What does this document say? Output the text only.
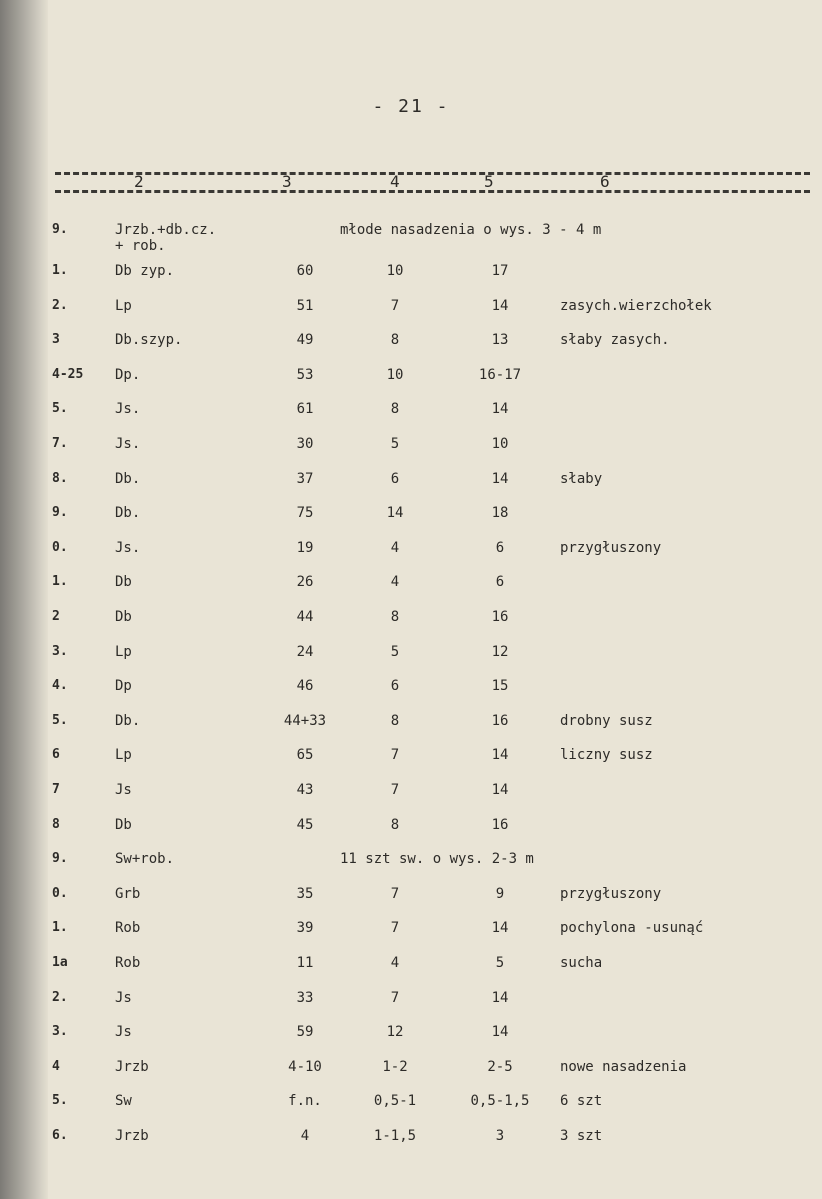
- 21 -
2	3	4	5	6
9.	Jrzb.+db.cz.
+ rob.
młode nasadzenia o wys. 3 - 4 m
1.	Db zyp.	60	10	17
2.	Lp	51	7	14	zasych.wierzchołek
3	Db.szyp.	49	8	13	słaby zasych.
4-25 Dp.	53	10	16-17
5.	Js.	61	8	14
7.	Js.	30	5	10
8.	Db.	37	6	14	słaby
9.	Db.	75	14	18
0.	Js.	19	4	6	przygłuszony
1.	Db	26	4	6
2	Db	44	8	16
3.	Lp	24	5	12
4.	Dp	46	6	15
5.	Db.	44+33	8	16	drobny susz
6	Lp	65	7	14	liczny susz
7	Js	43	7	14
8	Db	45	8	16
9.	Sw+rob.	11 szt sw. o wys. 2-3 m
0.	Grb	35	7	9	przygłuszony
1.	Rob	39	7	14	pochylona -usunąć
1a	Rob	11	4	5	sucha
2.	Js	33	7	14
3.	Js	59	12	14
4	Jrzb	4-10	1-2	2-5	nowe nasadzenia
5.	Sw	f.n.	0,5-1	0,5-1,5 6 szt
6.	Jrzb	4	1-1,5	3	3 szt
